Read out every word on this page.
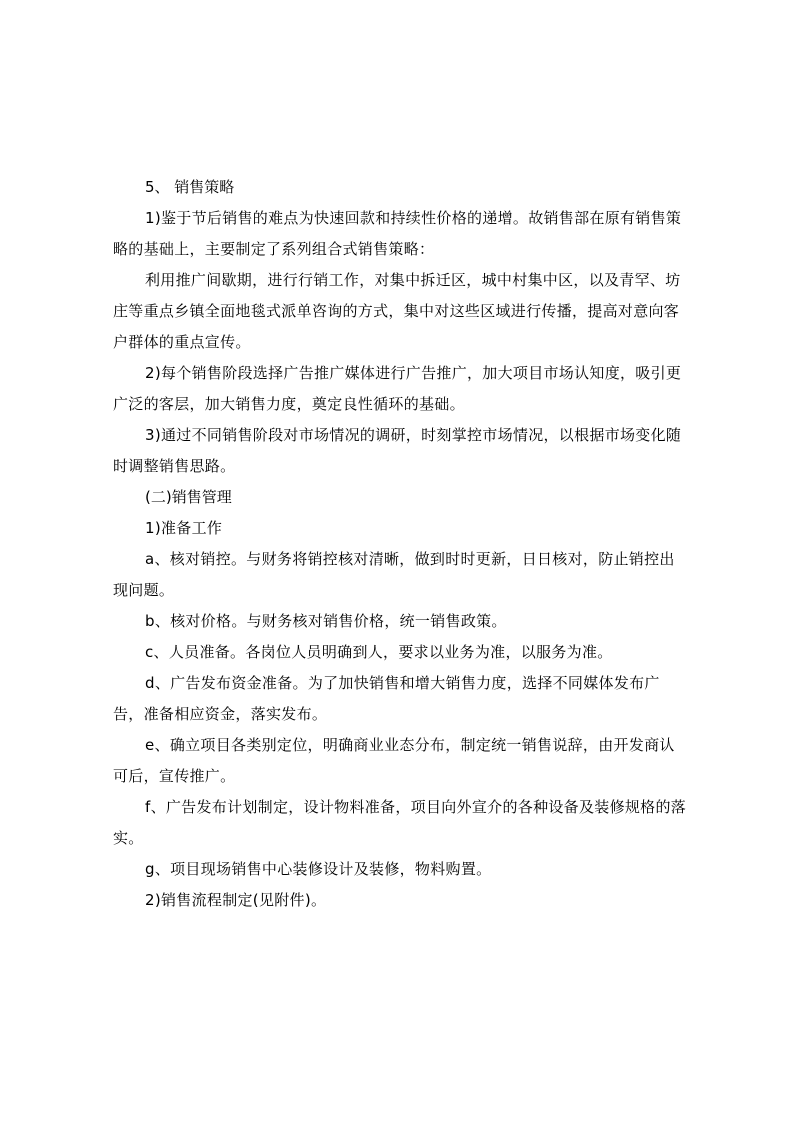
5、 销售策略

1)鉴于节后销售的难点为快速回款和持续性价格的递增。故销售部在原有销售策略的基础上，主要制定了系列组合式销售策略：

利用推广间歇期，进行行销工作，对集中拆迁区，城中村集中区，以及青罕、坊庄等重点乡镇全面地毯式派单咨询的方式，集中对这些区域进行传播，提高对意向客户群体的重点宣传。

2)每个销售阶段选择广告推广媒体进行广告推广，加大项目市场认知度，吸引更广泛的客层，加大销售力度，奠定良性循环的基础。

3)通过不同销售阶段对市场情况的调研，时刻掌控市场情况，以根据市场变化随时调整销售思路。

(二)销售管理

1)准备工作

a、核对销控。与财务将销控核对清晰，做到时时更新，日日核对，防止销控出现问题。

b、核对价格。与财务核对销售价格，统一销售政策。

c、人员准备。各岗位人员明确到人，要求以业务为准，以服务为准。

d、广告发布资金准备。为了加快销售和增大销售力度，选择不同媒体发布广告，准备相应资金，落实发布。

e、确立项目各类别定位，明确商业业态分布，制定统一销售说辞，由开发商认可后，宣传推广。

f、广告发布计划制定，设计物料准备，项目向外宣介的各种设备及装修规格的落实。

g、项目现场销售中心装修设计及装修，物料购置。

2)销售流程制定(见附件)。
